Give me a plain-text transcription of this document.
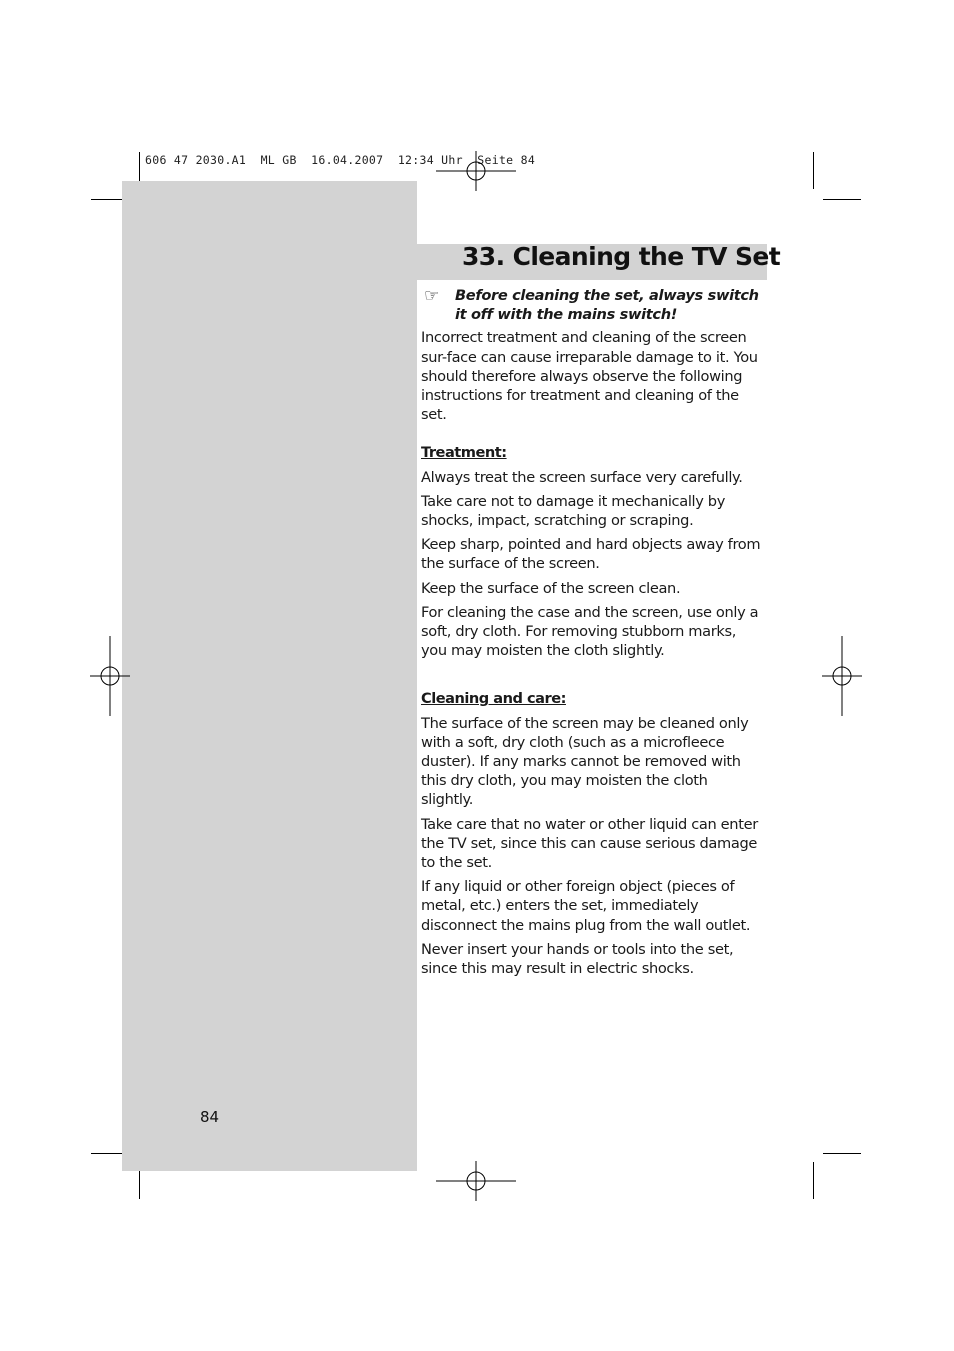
606 47 2030.A1  ML GB  16.04.2007  12:34 Uhr  Seite 84
33. Cleaning the TV Set
☞ Before cleaning the set, always switch it off with the mains switch!

Incorrect treatment and cleaning of the screen sur-face can cause irreparable damage to it. You should therefore always observe the following instructions for treatment and cleaning of the set.

Treatment:

Always treat the screen surface very carefully.

Take care not to damage it mechanically by shocks, impact, scratching or scraping.

Keep sharp, pointed and hard objects away from the surface of the screen.

Keep the surface of the screen clean.

For cleaning the case and the screen, use only a soft, dry cloth. For removing stubborn marks, you may moisten the cloth slightly.

Cleaning and care:

The surface of the screen may be cleaned only with a soft, dry cloth (such as a microfleece duster). If any marks cannot be removed with this dry cloth, you may moisten the cloth slightly.

Take care that no water or other liquid can enter the TV set, since this can cause serious damage to the set.

If any liquid or other foreign object (pieces of metal, etc.) enters the set, immediately disconnect the mains plug from the wall outlet.

Never insert your hands or tools into the set, since this may result in electric shocks.

84
